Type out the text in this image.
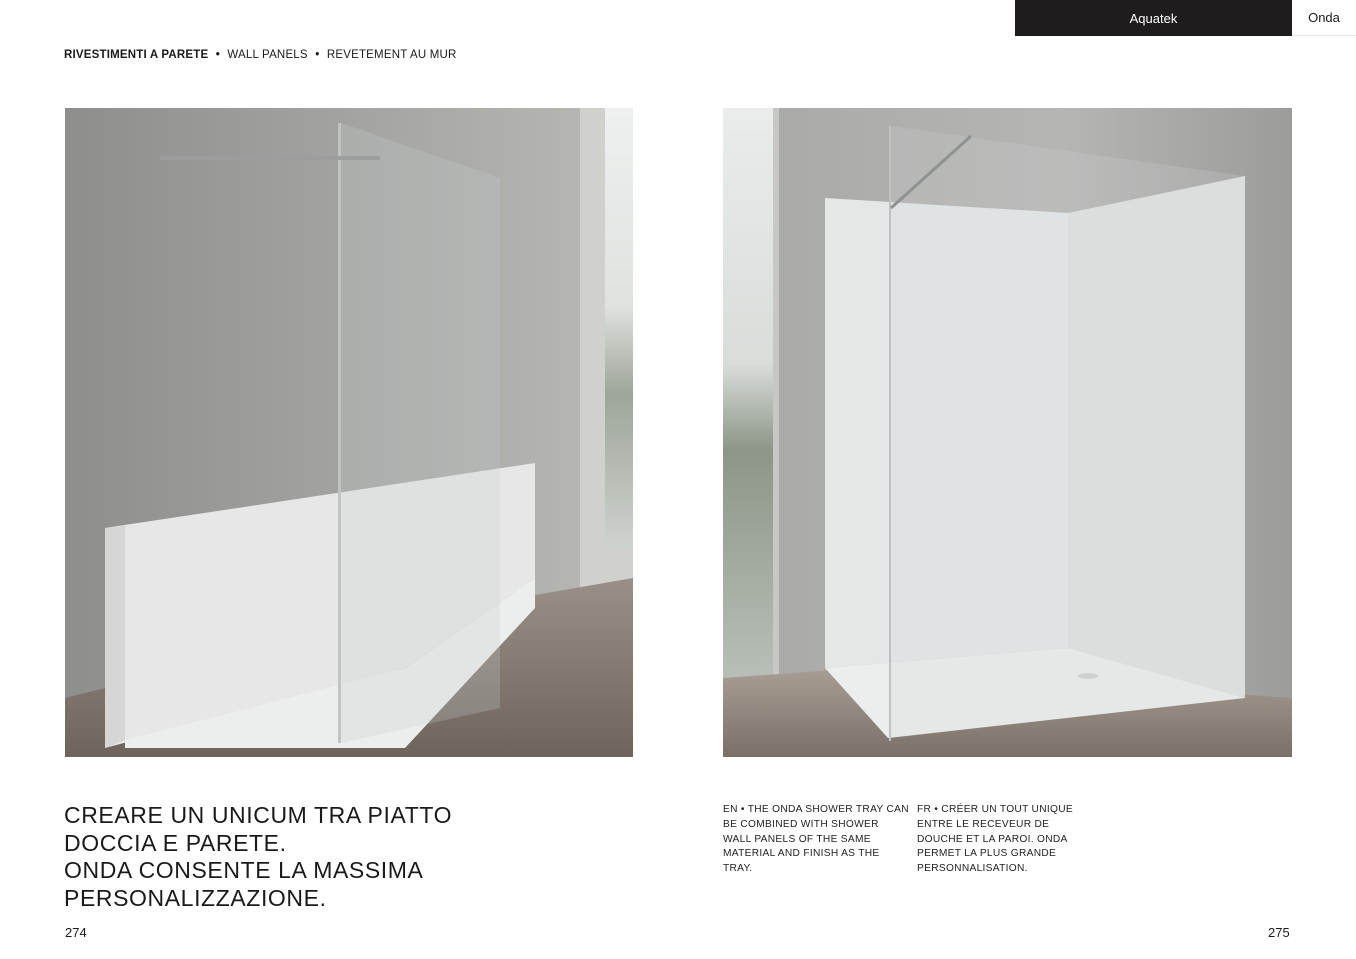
Aquatek	Onda
RIVESTIMENTI A PARETE • WALL PANELS • REVETEMENT AU MUR
CREARE UN UNICUM TRA PIATTO
DOCCIA E PARETE.
ONDA CONSENTE LA MASSIMA
PERSONALIZZAZIONE.
EN • THE ONDA SHOWER TRAY CAN BE COMBINED WITH SHOWER WALL PANELS OF THE SAME MATERIAL AND FINISH AS THE TRAY.
FR • CRÉER UN TOUT UNIQUE ENTRE LE RECEVEUR DE DOUCHE ET LA PAROI. ONDA PERMET LA PLUS GRANDE PERSONNALISATION.
274	275
